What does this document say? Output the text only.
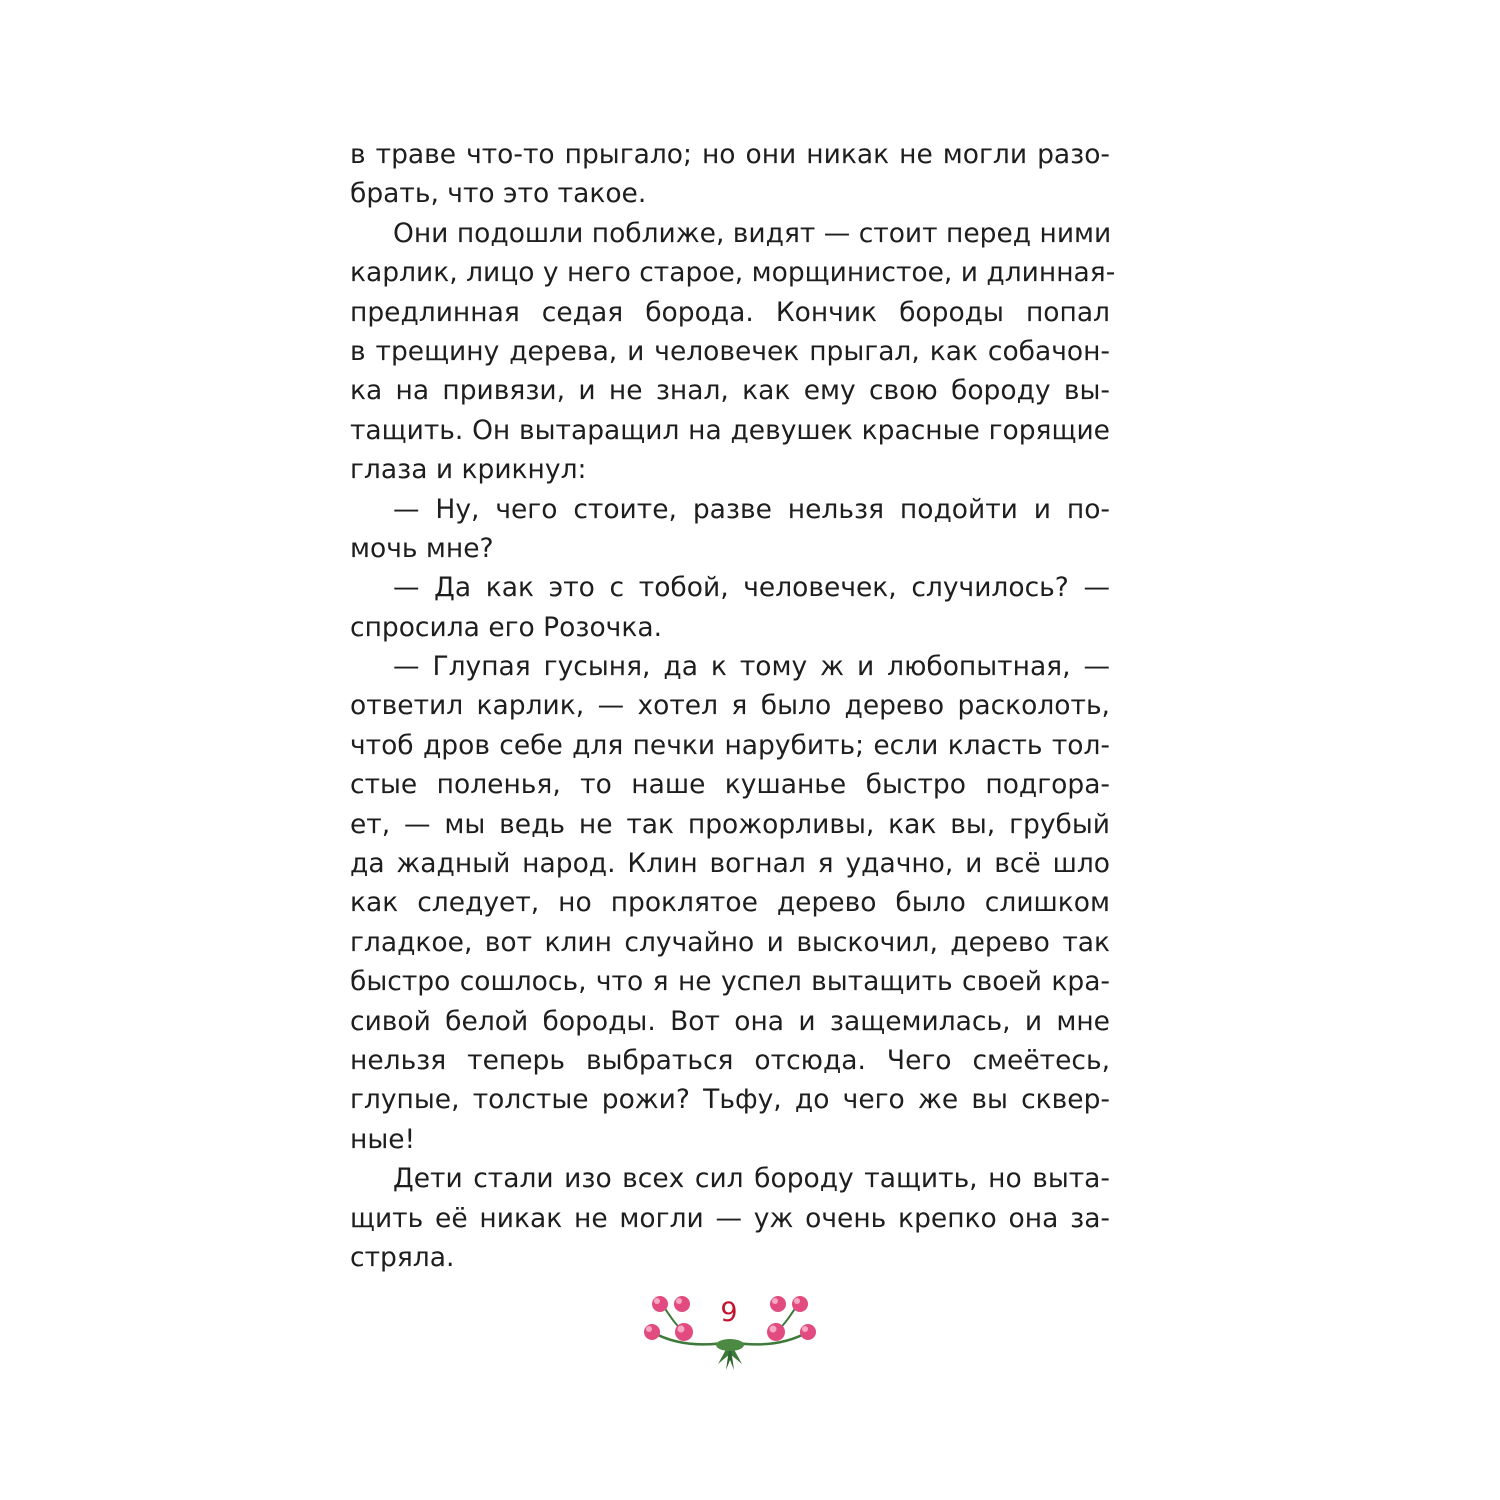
в траве что-то прыгало; но они никак не могли разо-
брать, что это такое.
Они подошли поближе, видят — стоит перед ними
карлик, лицо у него старое, морщинистое, и длинная-
предлинная седая борода. Кончик бороды попал
в трещину дерева, и человечек прыгал, как собачон-
ка на привязи, и не знал, как ему свою бороду вы-
тащить. Он вытаращил на девушек красные горящие
глаза и крикнул:
— Ну, чего стоите, разве нельзя подойти и по-
мочь мне?
— Да как это с тобой, человечек, случилось? —
спросила его Розочка.
— Глупая гусыня, да к тому ж и любопытная, —
ответил карлик, — хотел я было дерево расколоть,
чтоб дров себе для печки нарубить; если класть тол-
стые поленья, то наше кушанье быстро подгора-
ет, — мы ведь не так прожорливы, как вы, грубый
да жадный народ. Клин вогнал я удачно, и всё шло
как следует, но проклятое дерево было слишком
гладкое, вот клин случайно и выскочил, дерево так
быстро сошлось, что я не успел вытащить своей кра-
сивой белой бороды. Вот она и защемилась, и мне
нельзя теперь выбраться отсюда. Чего смеётесь,
глупые, толстые рожи? Тьфу, до чего же вы сквер-
ные!
Дети стали изо всех сил бороду тащить, но выта-
щить её никак не могли — уж очень крепко она за-
стряла.
9
